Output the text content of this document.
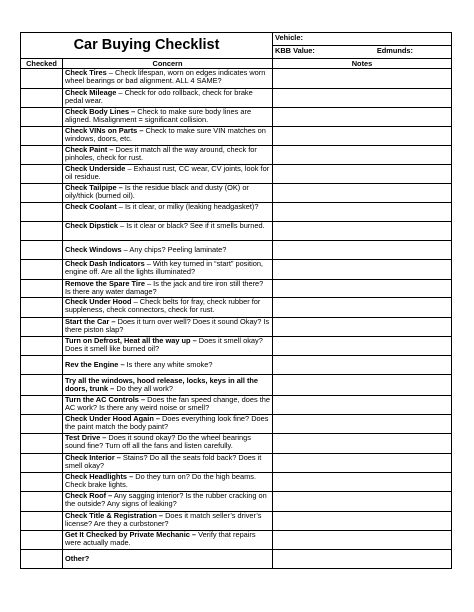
Car Buying Checklist		Vehicle:
		KBB Value: Edmunds:

Checked	Concern	Notes
	Check Tires – Check lifespan, worn on edges indicates worn wheel bearings or bad alignment. ALL 4 SAME?	
	Check Mileage – Check for odo rollback, check for brake pedal wear.	
	Check Body Lines – Check to make sure body lines are aligned. Misalignment = significant collision.	
	Check VINs on Parts – Check to make sure VIN matches on windows, doors, etc.	
	Check Paint – Does it match all the way around, check for pinholes, check for rust.	
	Check Underside – Exhaust rust, CC wear, CV joints, look for oil residue.	
	Check Tailpipe – Is the residue black and dusty (OK) or oily/thick (burned oil).	
	Check Coolant – Is it clear, or milky (leaking headgasket)?	
	Check Dipstick – Is it clear or black? See if it smells burned.	
	Check Windows – Any chips? Peeling laminate?	
	Check Dash Indicators – With key turned in “start” position, engine off. Are all the lights illuminated?	
	Remove the Spare Tire – Is the jack and tire iron still there? Is there any water damage?	
	Check Under Hood – Check belts for fray, check rubber for suppleness, check connectors, check for rust.	
	Start the Car – Does it turn over well? Does it sound Okay? Is there piston slap?	
	Turn on Defrost, Heat all the way up – Does it smell okay? Does it smell like burned oil?	
	Rev the Engine – Is there any white smoke?	
	Try all the windows, hood release, locks, keys in all the doors, trunk – Do they all work?	
	Turn the AC Controls – Does the fan speed change, does the AC work? Is there any weird noise or smell?	
	Check Under Hood Again – Does everything look fine? Does the paint match the body paint?	
	Test Drive – Does it sound okay? Do the wheel bearings sound fine? Turn off all the fans and listen carefully.	
	Check Interior – Stains? Do all the seats fold back? Does it smell okay?	
	Check Headlights – Do they turn on? Do the high beams. Check brake lights.	
	Check Roof – Any sagging interior? Is the rubber cracking on the outside? Any signs of leaking?	
	Check Title & Registration – Does it match seller’s driver’s license? Are they a curbstoner?	
	Get It Checked by Private Mechanic – Verify that repairs were actually made.	
	Other?	
